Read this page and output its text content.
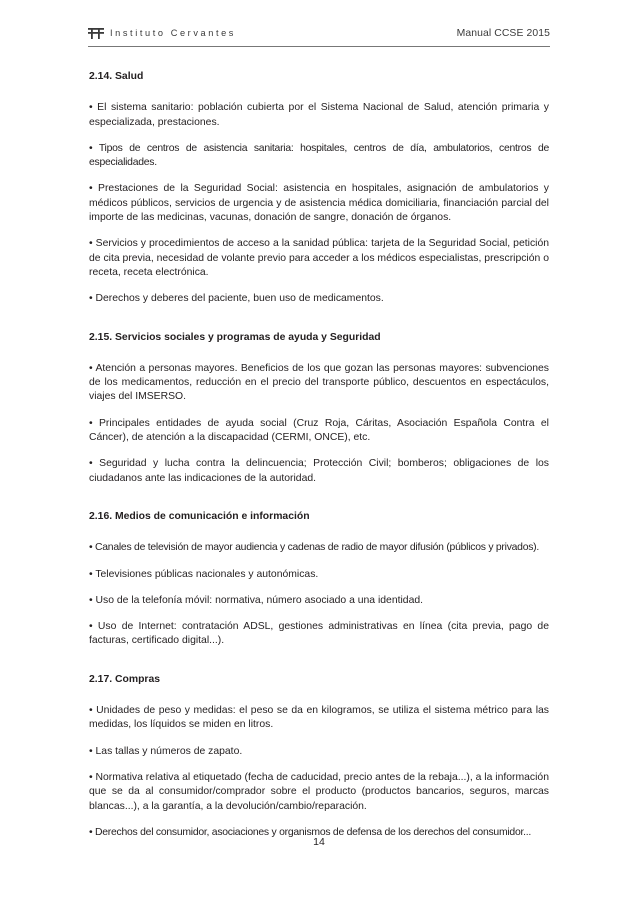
Instituto Cervantes	Manual CCSE 2015

2.14. Salud

• El sistema sanitario: población cubierta por el Sistema Nacional de Salud, atención primaria y especializada, prestaciones.

• Tipos de centros de asistencia sanitaria: hospitales, centros de día, ambulatorios, centros de especialidades.

• Prestaciones de la Seguridad Social: asistencia en hospitales, asignación de ambulatorios y médicos públicos, servicios de urgencia y de asistencia médica domiciliaria, financiación parcial del importe de las medicinas, vacunas, donación de sangre, donación de órganos.

• Servicios y procedimientos de acceso a la sanidad pública: tarjeta de la Seguridad Social, petición de cita previa, necesidad de volante previo para acceder a los médicos especialistas, prescripción o receta, receta electrónica.

• Derechos y deberes del paciente, buen uso de medicamentos.

2.15. Servicios sociales y programas de ayuda y Seguridad

• Atención a personas mayores. Beneficios de los que gozan las personas mayores: subvenciones de los medicamentos, reducción en el precio del transporte público, descuentos en espectáculos, viajes del IMSERSO.

• Principales entidades de ayuda social (Cruz Roja, Cáritas, Asociación Española Contra el Cáncer), de atención a la discapacidad (CERMI, ONCE), etc.

• Seguridad y lucha contra la delincuencia; Protección Civil; bomberos; obligaciones de los ciudadanos ante las indicaciones de la autoridad.

2.16. Medios de comunicación e información

• Canales de televisión de mayor audiencia y cadenas de radio de mayor difusión (públicos y privados).

• Televisiones públicas nacionales y autonómicas.

• Uso de la telefonía móvil: normativa, número asociado a una identidad.

• Uso de Internet: contratación ADSL, gestiones administrativas en línea (cita previa, pago de facturas, certificado digital...).

2.17. Compras

• Unidades de peso y medidas: el peso se da en kilogramos, se utiliza el sistema métrico para las medidas, los líquidos se miden en litros.

• Las tallas y números de zapato.

• Normativa relativa al etiquetado (fecha de caducidad, precio antes de la rebaja...), a la información que se da al consumidor/comprador sobre el producto (productos bancarios, seguros, marcas blancas...), a la garantía, a la devolución/cambio/reparación.

• Derechos del consumidor, asociaciones y organismos de defensa de los derechos del consumidor...

14
